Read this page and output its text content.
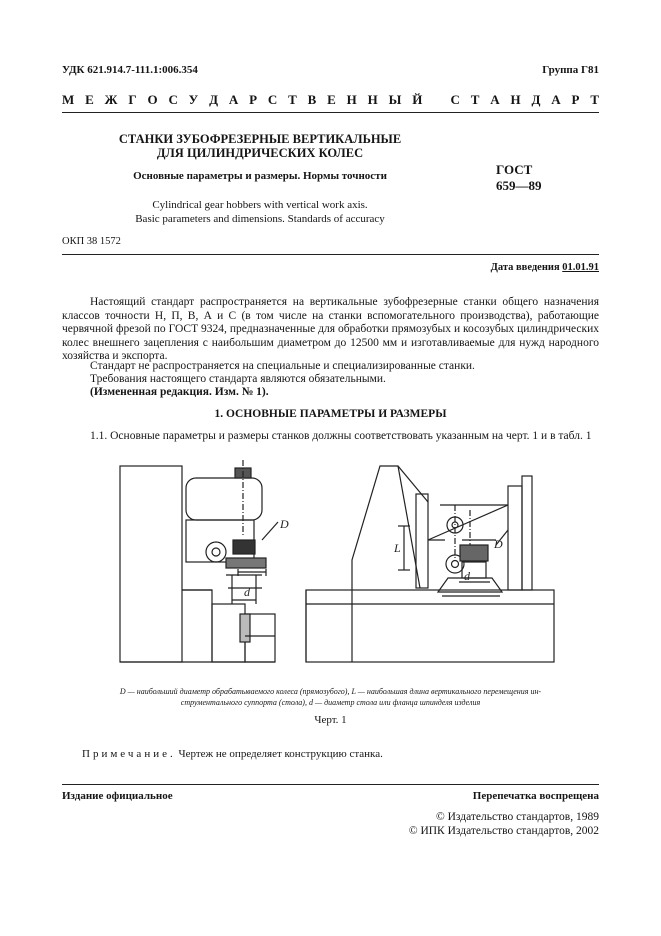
УДК 621.914.7-111.1:006.354	Группа Г81
М Е Ж Г О С У Д А Р С Т В Е Н Н Ы Й
С Т А Н Д А Р Т
СТАНКИ ЗУБОФРЕЗЕРНЫЕ ВЕРТИКАЛЬНЫЕ
ДЛЯ ЦИЛИНДРИЧЕСКИХ КОЛЕС
Основные параметры и размеры. Нормы точности
Cylindrical gear hobbers with vertical work axis.
Basic parameters and dimensions. Standards of accuracy
ГОСТ
659—89
ОКП 38 1572
Дата введения 01.01.91
Настоящий стандарт распространяется на вертикальные зубофрезерные станки общего назначения классов точности Н, П, В, А и С (в том числе на станки вспомогательного производства), работающие червячной фрезой по ГОСТ 9324, предназначенные для обработки прямозубых и косозубых цилиндрических колес внешнего зацепления с наибольшим диаметром до 12500 мм и изготавливаемые для нужд народного хозяйства и экспорта.
Стандарт не распространяется на специальные и специализированные станки.
Требования настоящего стандарта являются обязательными.
(Измененная редакция. Изм. № 1).
1. ОСНОВНЫЕ ПАРАМЕТРЫ И РАЗМЕРЫ
1.1. Основные параметры и размеры станков должны соответствовать указанным на черт. 1 и в табл. 1
D
d
D
d
L
D — наибольший диаметр обрабатываемого колеса (прямозубого), L — наибольшая длина вертикального перемещения ин-
струментального суппорта (стола), d — диаметр стола или фланца шпинделя изделия
Черт. 1
Примечание. Чертеж не определяет конструкцию станка.
Издание официальное	Перепечатка воспрещена
© Издательство стандартов, 1989
© ИПК Издательство стандартов, 2002
